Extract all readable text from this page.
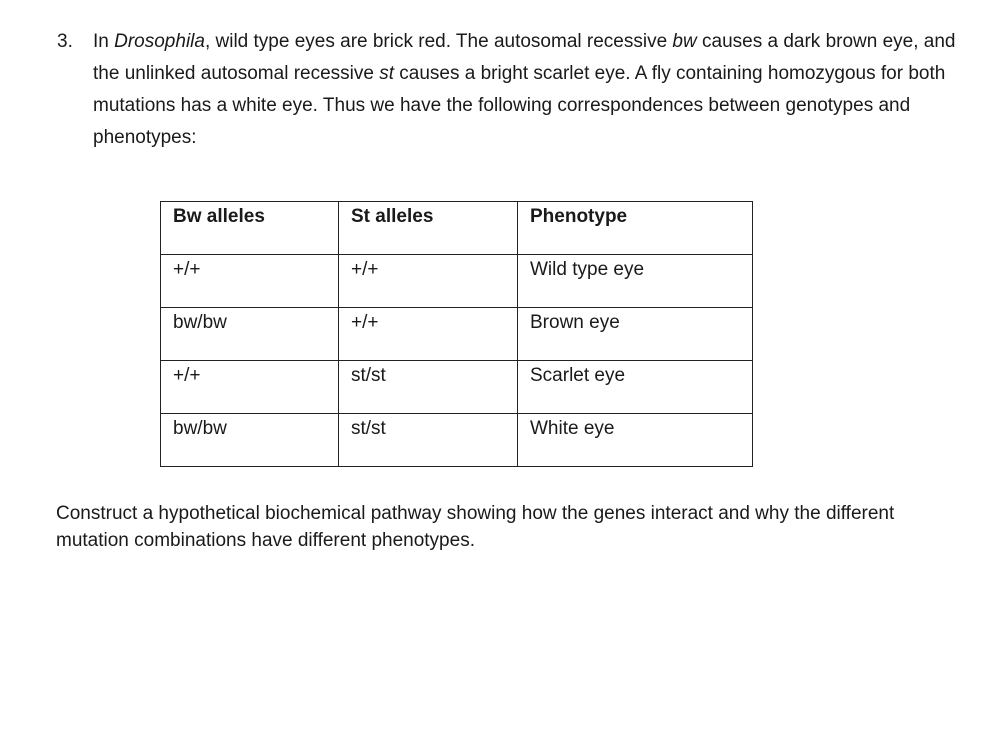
3. In Drosophila, wild type eyes are brick red. The autosomal recessive bw causes a dark brown eye, and the unlinked autosomal recessive st causes a bright scarlet eye. A fly containing homozygous for both mutations has a white eye. Thus we have the following correspondences between genotypes and phenotypes:
Bw alleles	St alleles	Phenotype
+/+	+/+	Wild type eye
bw/bw	+/+	Brown eye
+/+	st/st	Scarlet eye
bw/bw	st/st	White eye
Construct a hypothetical biochemical pathway showing how the genes interact and why the different mutation combinations have different phenotypes.
